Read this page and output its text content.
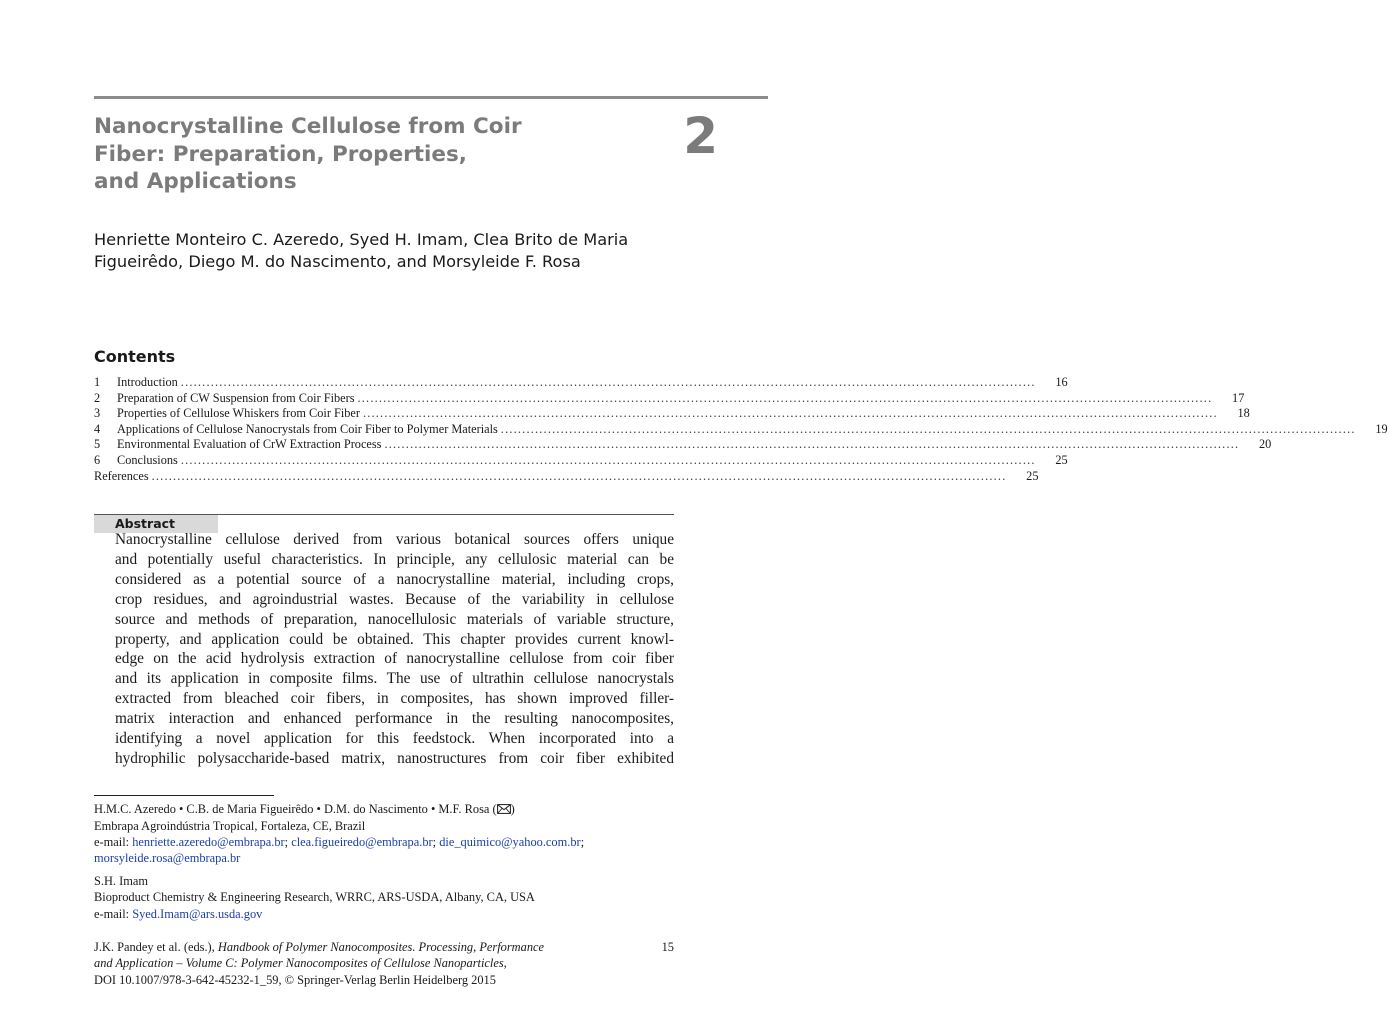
Nanocrystalline Cellulose from Coir
Fiber: Preparation, Properties,
and Applications
2
Henriette Monteiro C. Azeredo, Syed H. Imam, Clea Brito de Maria
Figueirêdo, Diego M. do Nascimento, and Morsyleide F. Rosa
Contents
1	Introduction ........................................................................................................................................................................................................	16
2	Preparation of CW Suspension from Coir Fibers ........................................................................................................................................................................................................	17
3	Properties of Cellulose Whiskers from Coir Fiber ........................................................................................................................................................................................................	18
4	Applications of Cellulose Nanocrystals from Coir Fiber to Polymer Materials ........................................................................................................................................................................................................	19
5	Environmental Evaluation of CrW Extraction Process ........................................................................................................................................................................................................	20
6	Conclusions ........................................................................................................................................................................................................	25
References ........................................................................................................................................................................................................	25
Abstract
Nanocrystalline cellulose derived from various botanical sources offers unique
and potentially useful characteristics. In principle, any cellulosic material can be
considered as a potential source of a nanocrystalline material, including crops,
crop residues, and agroindustrial wastes. Because of the variability in cellulose
source and methods of preparation, nanocellulosic materials of variable structure,
property, and application could be obtained. This chapter provides current knowl-
edge on the acid hydrolysis extraction of nanocrystalline cellulose from coir fiber
and its application in composite films. The use of ultrathin cellulose nanocrystals
extracted from bleached coir fibers, in composites, has shown improved filler-
matrix interaction and enhanced performance in the resulting nanocomposites,
identifying a novel application for this feedstock. When incorporated into a
hydrophilic polysaccharide-based matrix, nanostructures from coir fiber exhibited
H.M.C. Azeredo • C.B. de Maria Figueirêdo • D.M. do Nascimento • M.F. Rosa ( )
Embrapa Agroindústria Tropical, Fortaleza, CE, Brazil
e-mail: henriette.azeredo@embrapa.br; clea.figueiredo@embrapa.br; die_quimico@yahoo.com.br;
morsyleide.rosa@embrapa.br
S.H. Imam
Bioproduct Chemistry & Engineering Research, WRRC, ARS-USDA, Albany, CA, USA
e-mail: Syed.Imam@ars.usda.gov
J.K. Pandey et al. (eds.), Handbook of Polymer Nanocomposites. Processing, Performance
and Application – Volume C: Polymer Nanocomposites of Cellulose Nanoparticles,
DOI 10.1007/978-3-642-45232-1_59, © Springer-Verlag Berlin Heidelberg 2015
15
